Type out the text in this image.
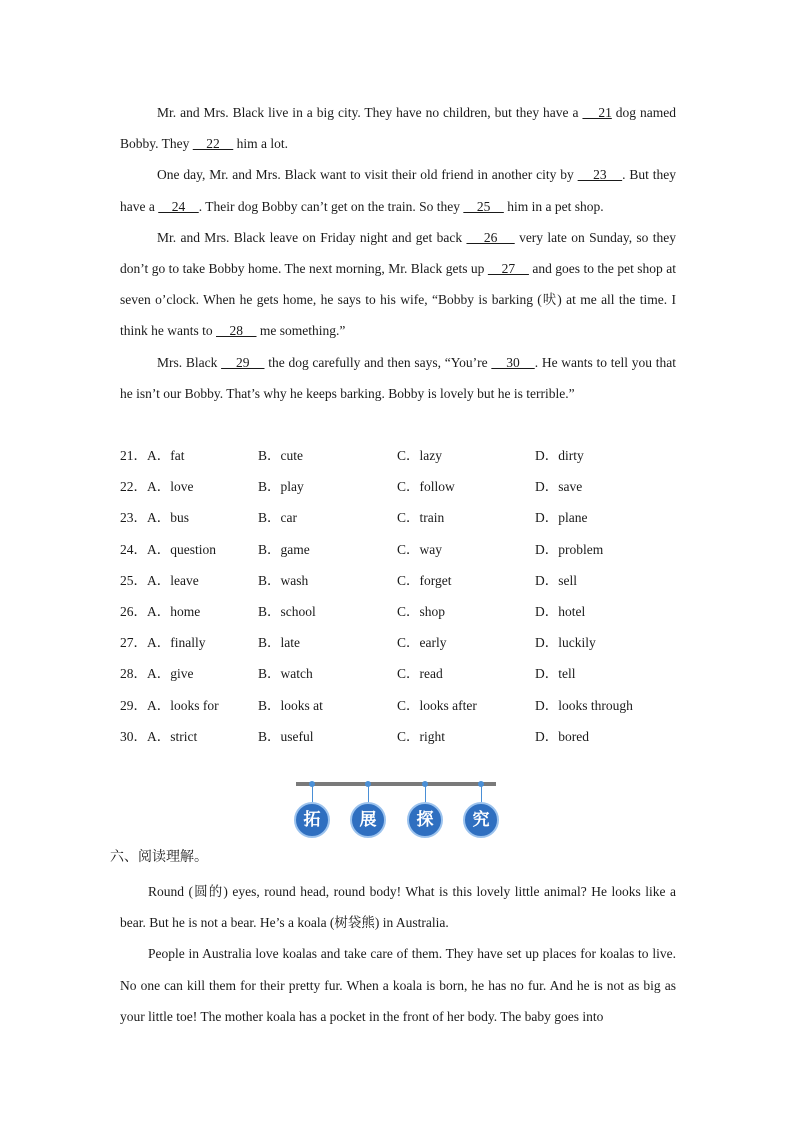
Mr. and Mrs. Black live in a big city. They have no children, but they have a     21 dog named Bobby. They     22     him a lot.

One day, Mr. and Mrs. Black want to visit their old friend in another city by     23    . But they have a     24    . Their dog Bobby can’t get on the train. So they     25     him in a pet shop.

Mr. and Mrs. Black leave on Friday night and get back     26     very late on Sunday, so they don’t go to take Bobby home. The next morning, Mr. Black gets up     27     and goes to the pet shop at seven o’clock. When he gets home, he says to his wife, “Bobby is barking (吠) at me all the time. I think he wants to     28     me something.”

Mrs. Black     29     the dog carefully and then says, “You’re     30    . He wants to tell you that he isn’t our Bobby. That’s why he keeps barking. Bobby is lovely but he is terrible.”

21．A．fat	B．cute	C．lazy	D．dirty
22．A．love	B．play	C．follow	D．save
23．A．bus	B．car	C．train	D．plane
24．A．question	B．game	C．way	D．problem
25．A．leave	B．wash	C．forget	D．sell
26．A．home	B．school	C．shop	D．hotel
27．A．finally	B．late	C．early	D．luckily
28．A．give	B．watch	C．read	D．tell
29．A．looks for	B．looks at	C．looks after	D．looks through
30．A．strict	B．useful	C．right	D．bored
拓	展	探	究
六、阅读理解。

Round (圆的) eyes, round head, round body! What is this lovely little animal? He looks like a bear. But he is not a bear. He’s a koala (树袋熊) in Australia.

People in Australia love koalas and take care of them. They have set up places for koalas to live. No one can kill them for their pretty fur. When a koala is born, he has no fur. And he is not as big as your little toe! The mother koala has a pocket in the front of her body. The baby goes into
